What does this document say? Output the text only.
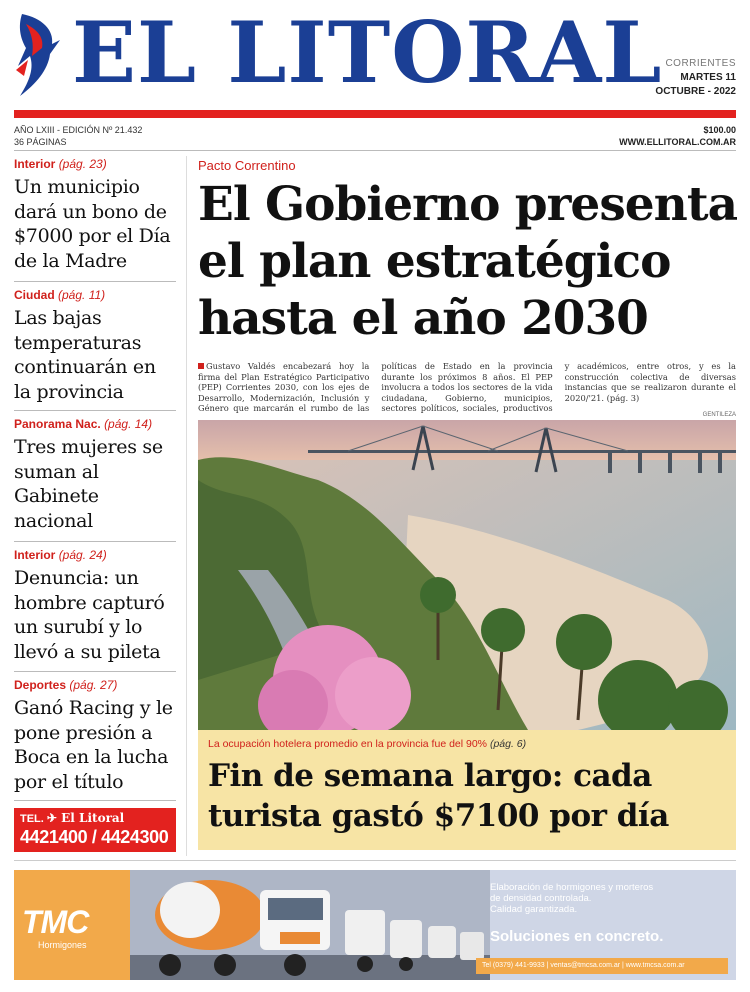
EL LITORAL CORRIENTES
MARTES 11
OCTUBRE - 2022
AÑO LXIII - EDICIÓN Nº 21.432
36 PÁGINAS
$100.00
WWW.ELLITORAL.COM.AR
Interior (pág. 23)
Un municipio dará un bono de $7000 por el Día de la Madre
Ciudad (pág. 11)
Las bajas temperaturas continuarán en la provincia
Panorama Nac. (pág. 14)
Tres mujeres se suman al Gabinete nacional
Interior (pág. 24)
Denuncia: un hombre capturó un surubí y lo llevó a su pileta
Deportes (pág. 27)
Ganó Racing y le pone presión a Boca en la lucha por el título
TEL. ✈ El Litoral
4421400 / 4424300
Pacto Correntino
El Gobierno presenta el plan estratégico hasta el año 2030
Gustavo Valdés encabezará hoy la firma del Plan Estratégico Participativo (PEP) Corrientes 2030, con los ejes de Desarrollo, Modernización, Inclusión y Género que marcarán el rumbo de las políticas de Estado en la provincia durante los próximos 8 años. El PEP involucra a todos los sectores de la vida ciudadana, Gobierno, municipios, sectores políticos, sociales, productivos y académicos, entre otros, y es la construcción colectiva de diversas instancias que se realizaron durante el 2020/'21. (pág. 3)
GENTILEZA
La ocupación hotelera promedio en la provincia fue del 90% (pág. 6)
Fin de semana largo: cada turista gastó $7100 por día
TMC
Hormigones
Elaboración de hormigones y morteros
de densidad controlada.
Calidad garantizada.
Soluciones en concreto.
Tel (0379) 441-9933 | ventas@tmcsa.com.ar | www.tmcsa.com.ar
